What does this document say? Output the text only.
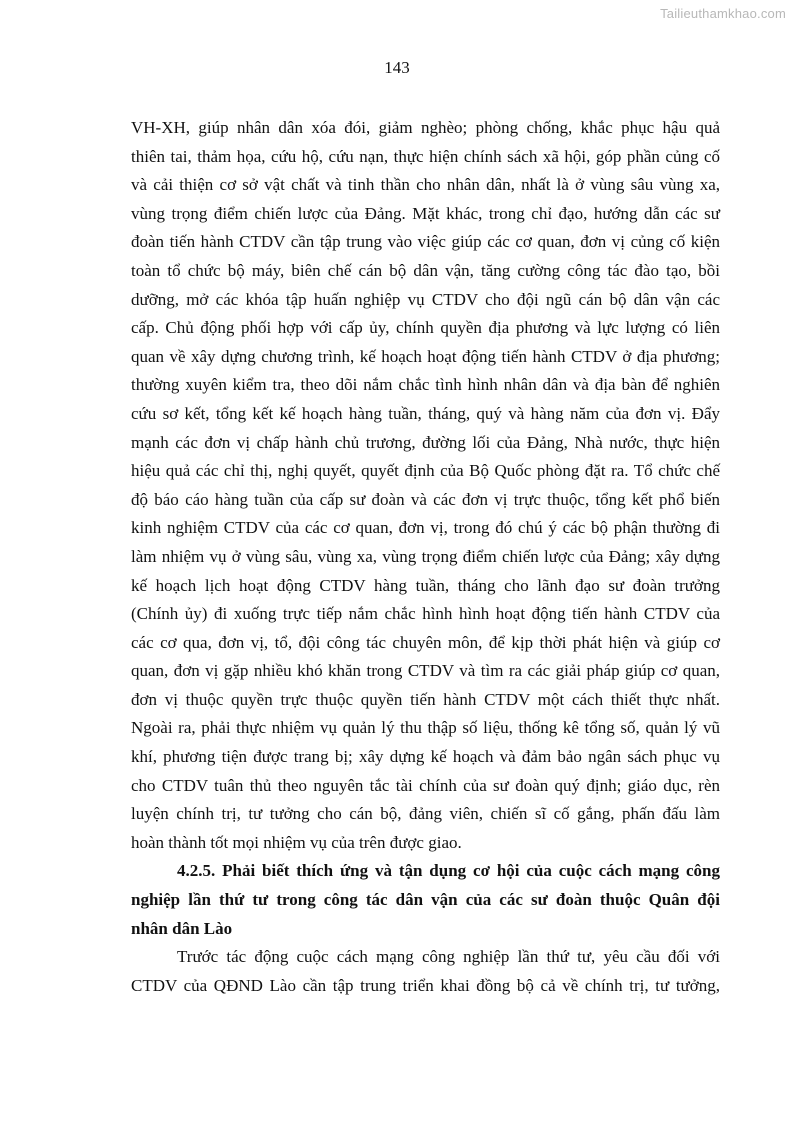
Tailieuthamkhao.com
143

VH-XH, giúp nhân dân xóa đói, giảm nghèo; phòng chống, khắc phục hậu quả

thiên tai, thảm họa, cứu hộ, cứu nạn, thực hiện chính sách xã hội, góp phần củng cố

và cải thiện cơ sở vật chất và tinh thần cho nhân dân, nhất là ở vùng sâu vùng xa,

vùng trọng điểm chiến lược của Đảng. Mặt khác, trong chỉ đạo, hướng dẫn các sư

đoàn tiến hành CTDV cần tập trung vào việc giúp các cơ quan, đơn vị củng cố kiện

toàn tổ chức bộ máy, biên chế cán bộ dân vận, tăng cường công tác đào tạo, bồi

dưỡng, mở các khóa tập huấn nghiệp vụ CTDV cho đội ngũ cán bộ dân vận các

cấp. Chủ động phối hợp với cấp ủy, chính quyền địa phương và lực lượng có liên

quan về xây dựng chương trình, kế hoạch hoạt động tiến hành CTDV ở địa phương;

thường xuyên kiểm tra, theo dõi nắm chắc tình hình nhân dân và địa bàn để nghiên

cứu sơ kết, tổng kết kế hoạch hàng tuần, tháng, quý và hàng năm của đơn vị. Đẩy

mạnh các đơn vị chấp hành chủ trương, đường lối của Đảng, Nhà nước, thực hiện

hiệu quả các chỉ thị, nghị quyết, quyết định của Bộ Quốc phòng đặt ra. Tổ chức chế

độ báo cáo hàng tuần của cấp sư đoàn và các đơn vị trực thuộc, tổng kết phổ biến

kinh nghiệm CTDV của các cơ quan, đơn vị, trong đó chú ý các bộ phận thường đi

làm nhiệm vụ ở vùng sâu, vùng xa, vùng trọng điểm chiến lược của Đảng; xây dựng

kế hoạch lịch hoạt động CTDV hàng tuần, tháng cho lãnh đạo sư đoàn trưởng

(Chính ủy) đi xuống trực tiếp nắm chắc hình hình hoạt động tiến hành CTDV của

các cơ qua, đơn vị, tổ, đội công tác chuyên môn, để kịp thời phát hiện và giúp cơ

quan, đơn vị gặp nhiều khó khăn trong CTDV và tìm ra các giải pháp giúp cơ quan,

đơn vị thuộc quyền trực thuộc quyền tiến hành CTDV một cách thiết thực nhất.

Ngoài ra, phải thực nhiệm vụ quản lý thu thập số liệu, thống kê tổng số, quản lý vũ

khí, phương tiện được trang bị; xây dựng kế hoạch và đảm bảo ngân sách phục vụ

cho CTDV tuân thủ theo nguyên tắc tài chính của sư đoàn quý định; giáo dục, rèn

luyện chính trị, tư tưởng cho cán bộ, đảng viên, chiến sĩ cố gắng, phấn đấu làm

hoàn thành tốt mọi nhiệm vụ của trên được giao.

4.2.5. Phải biết thích ứng và tận dụng cơ hội của cuộc cách mạng công

nghiệp lần thứ tư trong công tác dân vận của các sư đoàn thuộc Quân đội

nhân dân Lào

Trước tác động cuộc cách mạng công nghiệp lần thứ tư, yêu cầu đối với

CTDV của QĐND Lào cần tập trung triển khai đồng bộ cả về chính trị, tư tưởng,
